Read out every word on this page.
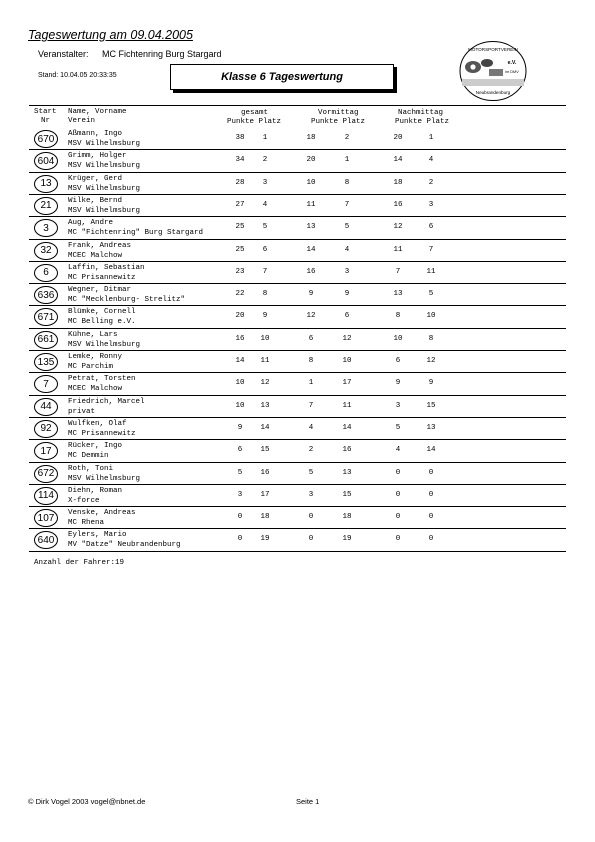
Tageswertung am 09.04.2005
Veranstalter: MC Fichtenring Burg Stargard
Stand: 10.04.05 20:33:35	Klasse 6 Tageswertung
MOTORSPORTVEREIN
e.V.
im DMV
Neubrandenburg
Start
Nr
Name, Vorname
Verein
gesamt
Punkte Platz
Vormittag
Punkte Platz
Nachmittag
Punkte Platz
670	Aßmann, Ingo
MSV Wilhelmsburg
38	1	18	2	20	1
604	Grimm, Holger
MSV Wilhelmsburg
34	2	20	1	14	4
13	Krüger, Gerd
MSV Wilhelmsburg
28	3	10	8	18	2
21	Wilke, Bernd
MSV Wilhelmsburg
27	4	11	7	16	3
3	Aug, Andre
MC "Fichtenring" Burg Stargard
25	5	13	5	12	6
32	Frank, Andreas
MCEC Malchow
25	6	14	4	11	7
6	Laffin, Sebastian
MC Prisannewitz
23	7	16	3	7	11
636	Wegner, Ditmar
MC "Mecklenburg- Strelitz"
22	8	9	9	13	5
671	Blümke, Cornell
MC Belling e.V.
20	9	12	6	8	10
661	Kühne, Lars
MSV Wilhelmsburg
16	10	6	12	10	8
135	Lemke, Ronny
MC Parchim
14	11	8	10	6	12
7	Petrat, Torsten
MCEC Malchow
10	12	1	17	9	9
44	Friedrich, Marcel
privat
10	13	7	11	3	15
92	Wulfken, Olaf
MC Prisannewitz
9	14	4	14	5	13
17	Rücker, Ingo
MC Demmin
6	15	2	16	4	14
672	Roth, Toni
MSV Wilhelmsburg
5	16	5	13	0	0
114	Diehn, Roman
X-force
3	17	3	15	0	0
107	Venske, Andreas
MC Rhena
0	18	0	18	0	0
640	Eylers, Mario
MV "Datze" Neubrandenburg
0	19	0	19	0	0
Anzahl der Fahrer:19
© Dirk Vogel 2003 vogel@nbnet.de	Seite 1
